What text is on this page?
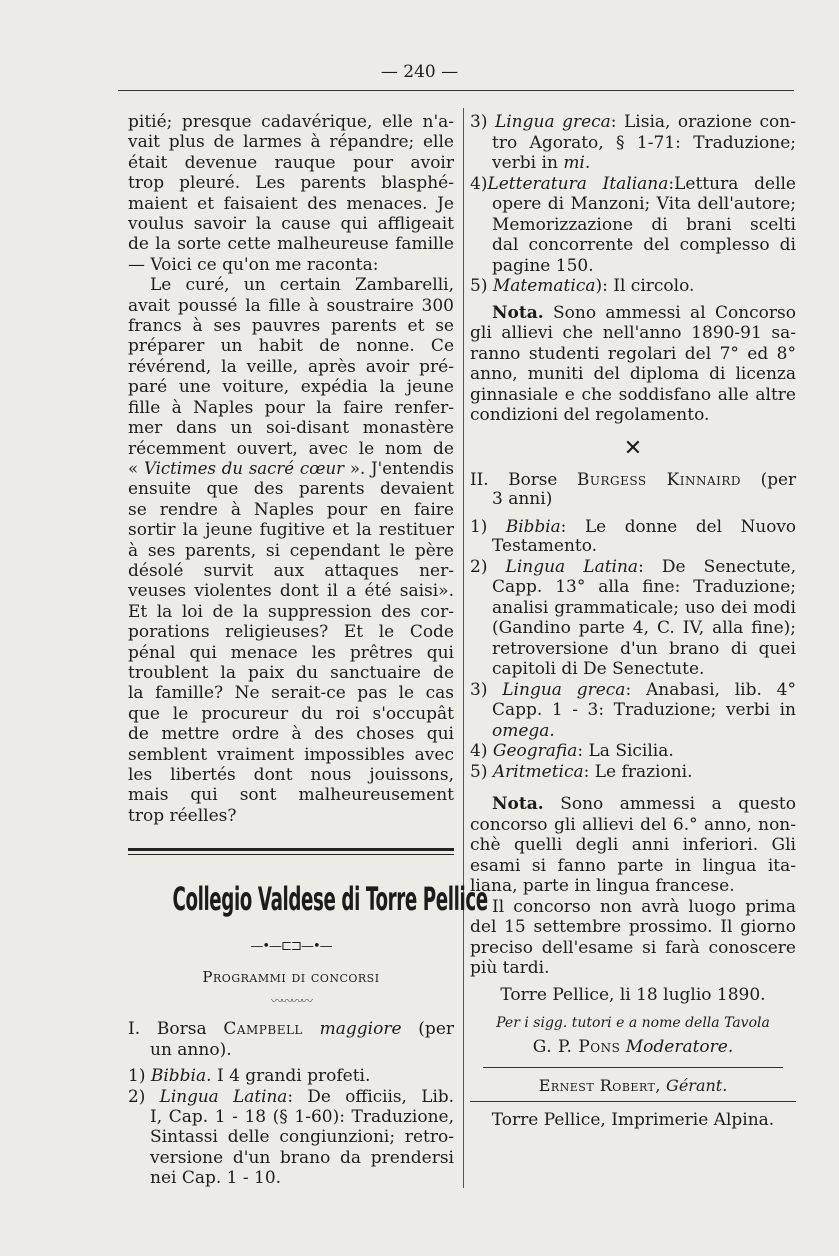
— 240 —
pitié; presque cadavérique, elle n'a-
vait plus de larmes à répandre; elle
était devenue rauque pour avoir
trop pleuré. Les parents blasphé-
maient et faisaient des menaces. Je
voulus savoir la cause qui affligeait
de la sorte cette malheureuse famille
— Voici ce qu'on me raconta:
Le curé, un certain Zambarelli,
avait poussé la fille à soustraire 300
francs à ses pauvres parents et se
préparer un habit de nonne. Ce
révérend, la veille, après avoir pré-
paré une voiture, expédia la jeune
fille à Naples pour la faire renfer-
mer dans un soi-disant monastère
récemment ouvert, avec le nom de
« Victimes du sacré cœur ». J'entendis
ensuite que des parents devaient
se rendre à Naples pour en faire
sortir la jeune fugitive et la restituer
à ses parents, si cependant le père
désolé survit aux attaques ner-
veuses violentes dont il a été saisi».
Et la loi de la suppression des cor-
porations religieuses? Et le Code
pénal qui menace les prêtres qui
troublent la paix du sanctuaire de
la famille? Ne serait-ce pas le cas
que le procureur du roi s'occupât
de mettre ordre à des choses qui
semblent vraiment impossibles avec
les libertés dont nous jouissons,
mais qui sont malheureusement
trop réelles?
Collegio Valdese di Torre Pellice
—•—⊏⊐—•—
Programmi di concorsi
〰〰〰〰
I. Borsa Campbell maggiore (per
un anno).
1) Bibbia. I 4 grandi profeti.
2) Lingua Latina: De officiis, Lib.
I, Cap. 1 - 18 (§ 1-60): Traduzione,
Sintassi delle congiunzioni; retro-
versione d'un brano da prendersi
nei Cap. 1 - 10.
3) Lingua greca: Lisia, orazione con-
tro Agorato, § 1-71: Traduzione;
verbi in mi.
4)Letteratura Italiana:Lettura delle
opere di Manzoni; Vita dell'autore;
Memorizzazione di brani scelti
dal concorrente del complesso di
pagine 150.
5) Matematica): Il circolo.
Nota. Sono ammessi al Concorso
gli allievi che nell'anno 1890-91 sa-
ranno studenti regolari del 7° ed 8°
anno, muniti del diploma di licenza
ginnasiale e che soddisfano alle altre
condizioni del regolamento.
✕
II. Borse Burgess Kinnaird (per
3 anni)
1) Bibbia: Le donne del Nuovo
Testamento.
2) Lingua Latina: De Senectute,
Capp. 13° alla fine: Traduzione;
analisi grammaticale; uso dei modi
(Gandino parte 4, C. IV, alla fine);
retroversione d'un brano di quei
capitoli di De Senectute.
3) Lingua greca: Anabasi, lib. 4°
Capp. 1 - 3: Traduzione; verbi in
omega.
4) Geografia: La Sicilia.
5) Aritmetica: Le frazioni.
Nota. Sono ammessi a questo
concorso gli allievi del 6.° anno, non-
chè quelli degli anni inferiori. Gli
esami si fanno parte in lingua ita-
liana, parte in lingua francese.
Il concorso non avrà luogo prima
del 15 settembre prossimo. Il giorno
preciso dell'esame si farà conoscere
più tardi.
Torre Pellice, li 18 luglio 1890.
Per i sigg. tutori e a nome della Tavola
G. P. Pons Moderatore.
Ernest Robert, Gérant.
Torre Pellice, Imprimerie Alpina.
